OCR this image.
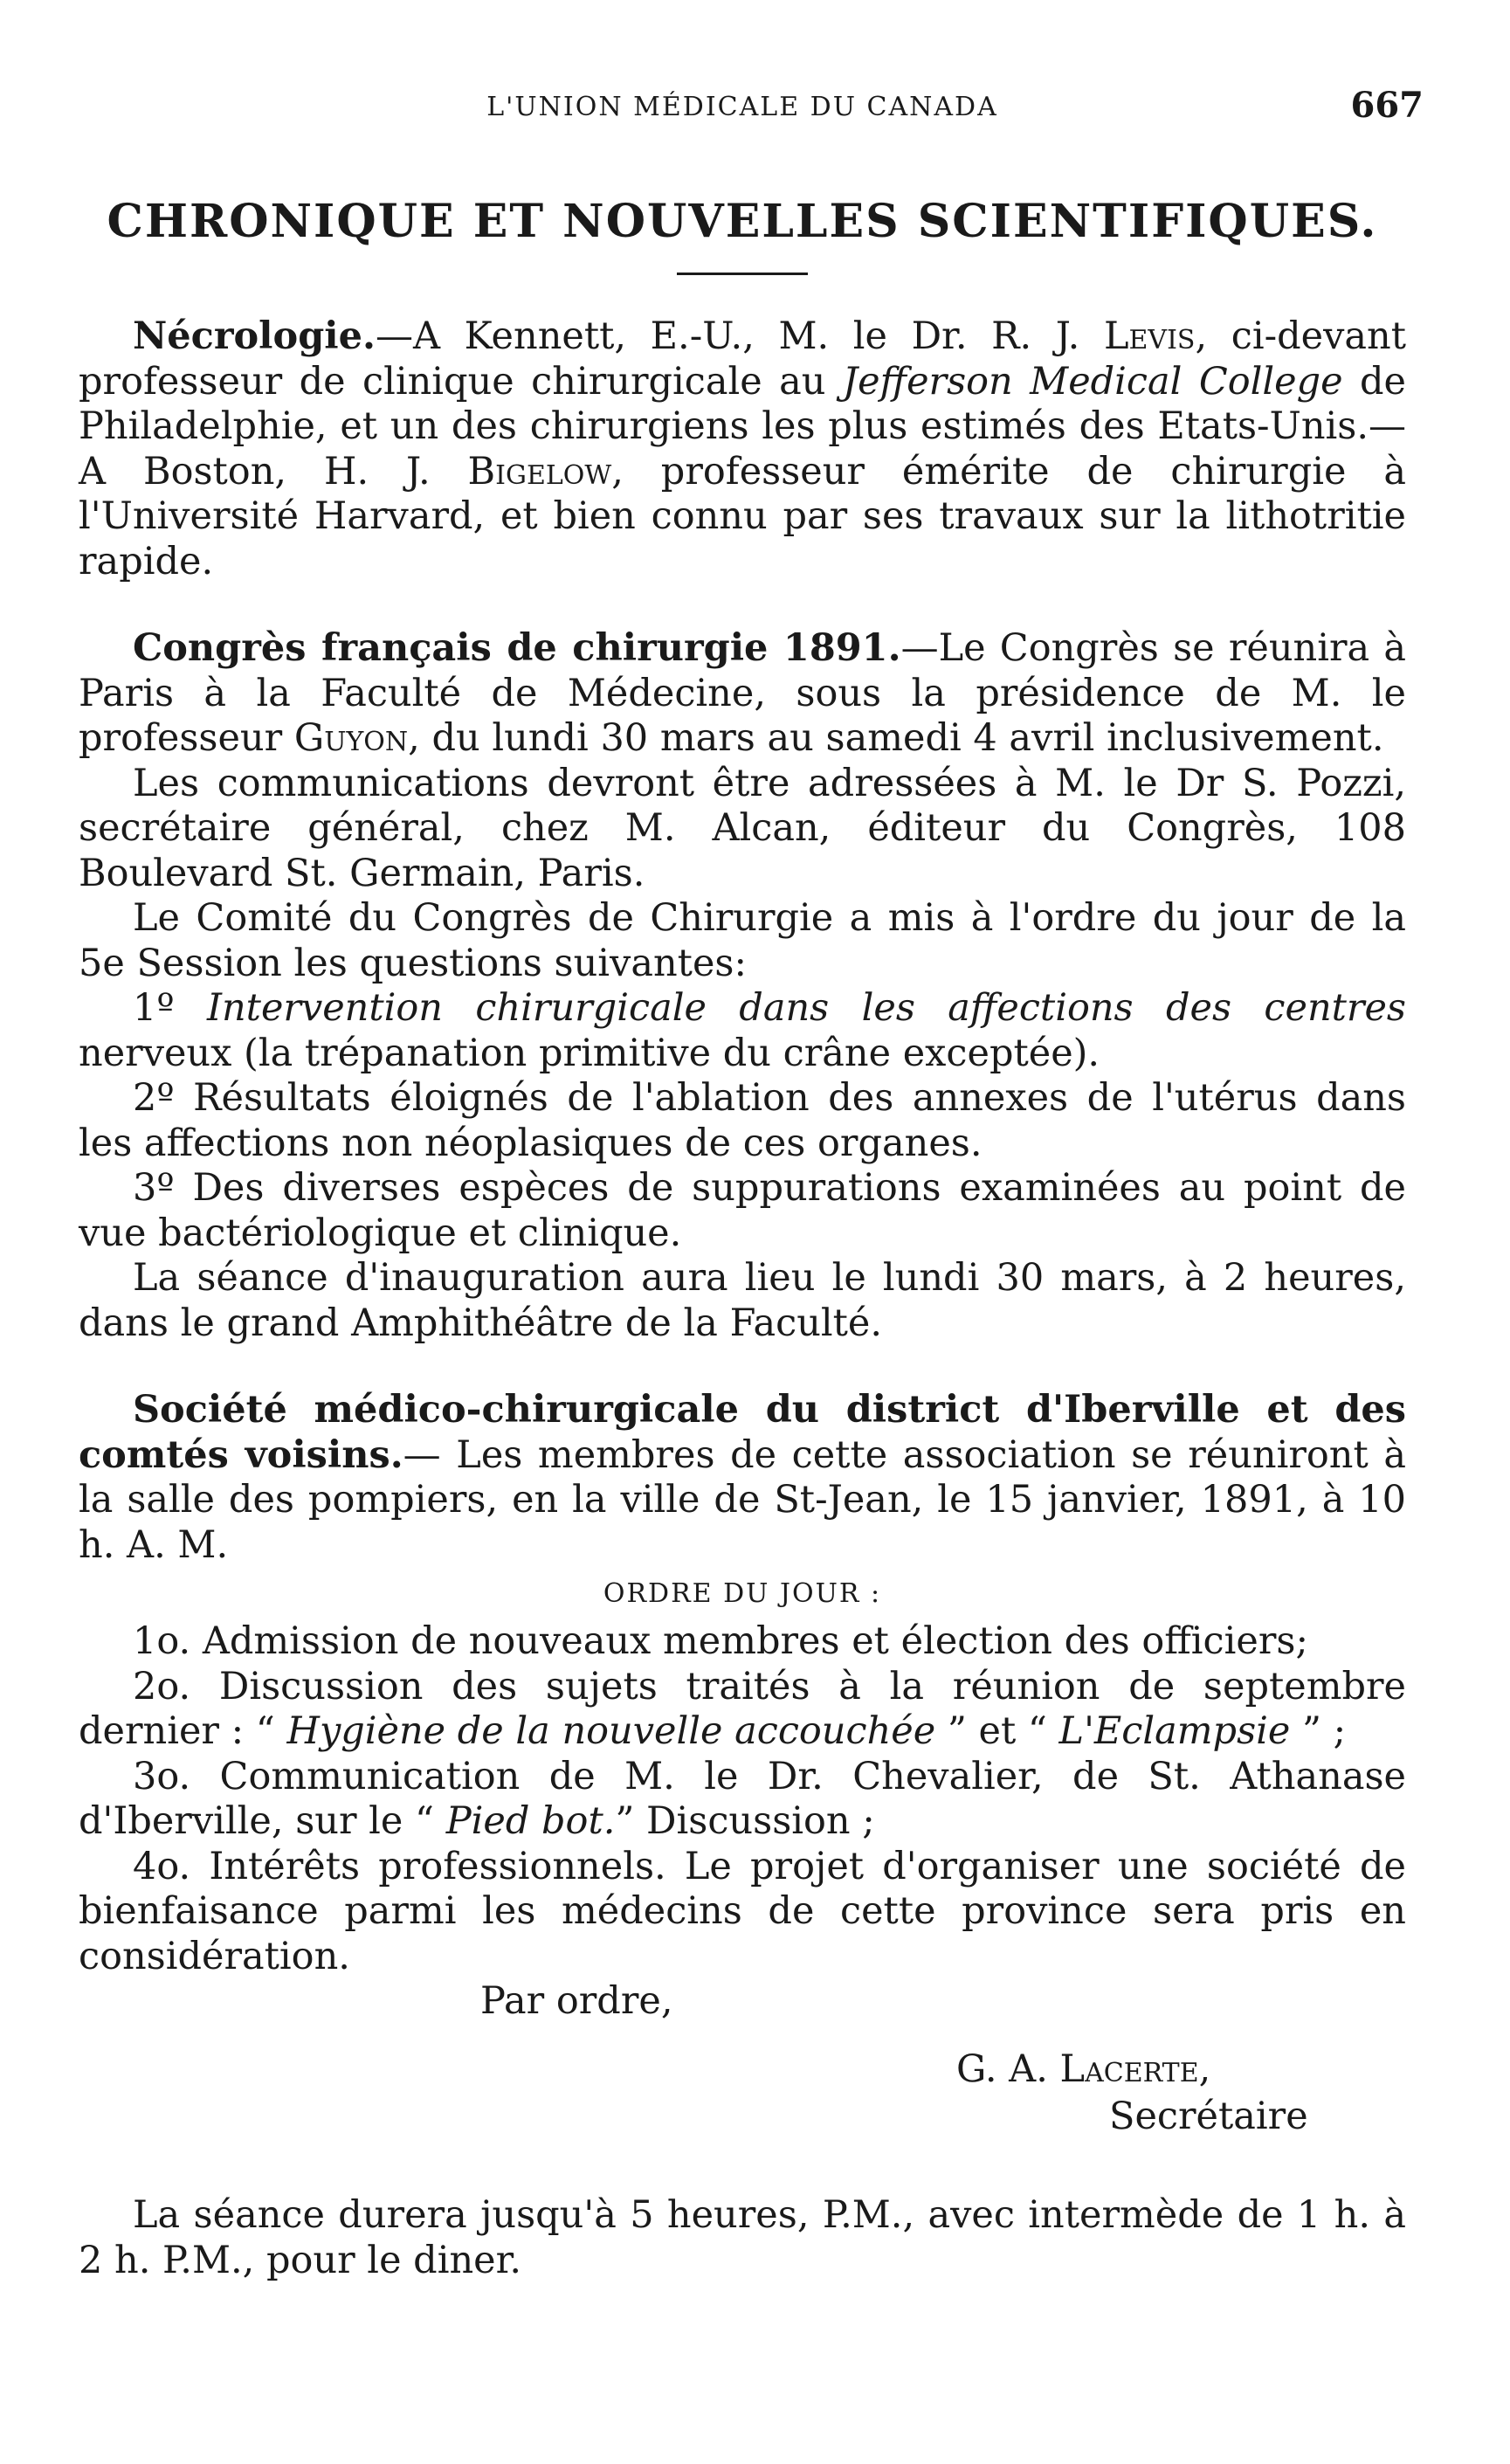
L'UNION MÉDICALE DU CANADA	667
CHRONIQUE ET NOUVELLES SCIENTIFIQUES.

Nécrologie.—A Kennett, E.-U., M. le Dr. R. J. Levis, ci-devant professeur de clinique chirurgicale au Jefferson Medical College de Philadelphie, et un des chirurgiens les plus estimés des Etats-Unis.—A Boston, H. J. Bigelow, professeur émérite de chirurgie à l'Université Harvard, et bien connu par ses travaux sur la lithotritie rapide.

Congrès français de chirurgie 1891.—Le Congrès se réunira à Paris à la Faculté de Médecine, sous la présidence de M. le professeur Guyon, du lundi 30 mars au samedi 4 avril inclusivement.

Les communications devront être adressées à M. le Dr S. Pozzi, secrétaire général, chez M. Alcan, éditeur du Congrès, 108 Boulevard St. Germain, Paris.

Le Comité du Congrès de Chirurgie a mis à l'ordre du jour de la 5e Session les questions suivantes:

1º Intervention chirurgicale dans les affections des centres nerveux (la trépanation primitive du crâne exceptée).

2º Résultats éloignés de l'ablation des annexes de l'utérus dans les affections non néoplasiques de ces organes.

3º Des diverses espèces de suppurations examinées au point de vue bactériologique et clinique.

La séance d'inauguration aura lieu le lundi 30 mars, à 2 heures, dans le grand Amphithéâtre de la Faculté.

Société médico-chirurgicale du district d'Iberville et des comtés voisins.— Les membres de cette association se réuniront à la salle des pompiers, en la ville de St-Jean, le 15 janvier, 1891, à 10 h. A. M.

ORDRE DU JOUR :

1o. Admission de nouveaux membres et élection des officiers;

2o. Discussion des sujets traités à la réunion de septembre dernier : “ Hygiène de la nouvelle accouchée ” et “ L'Eclampsie ” ;

3o. Communication de M. le Dr. Chevalier, de St. Athanase d'Iberville, sur le “ Pied bot.” Discussion ;

4o. Intérêts professionnels. Le projet d'organiser une société de bienfaisance parmi les médecins de cette province sera pris en considération.

Par ordre,
G. A. Lacerte,
Secrétaire

La séance durera jusqu'à 5 heures, P.M., avec intermède de 1 h. à 2 h. P.M., pour le diner.
